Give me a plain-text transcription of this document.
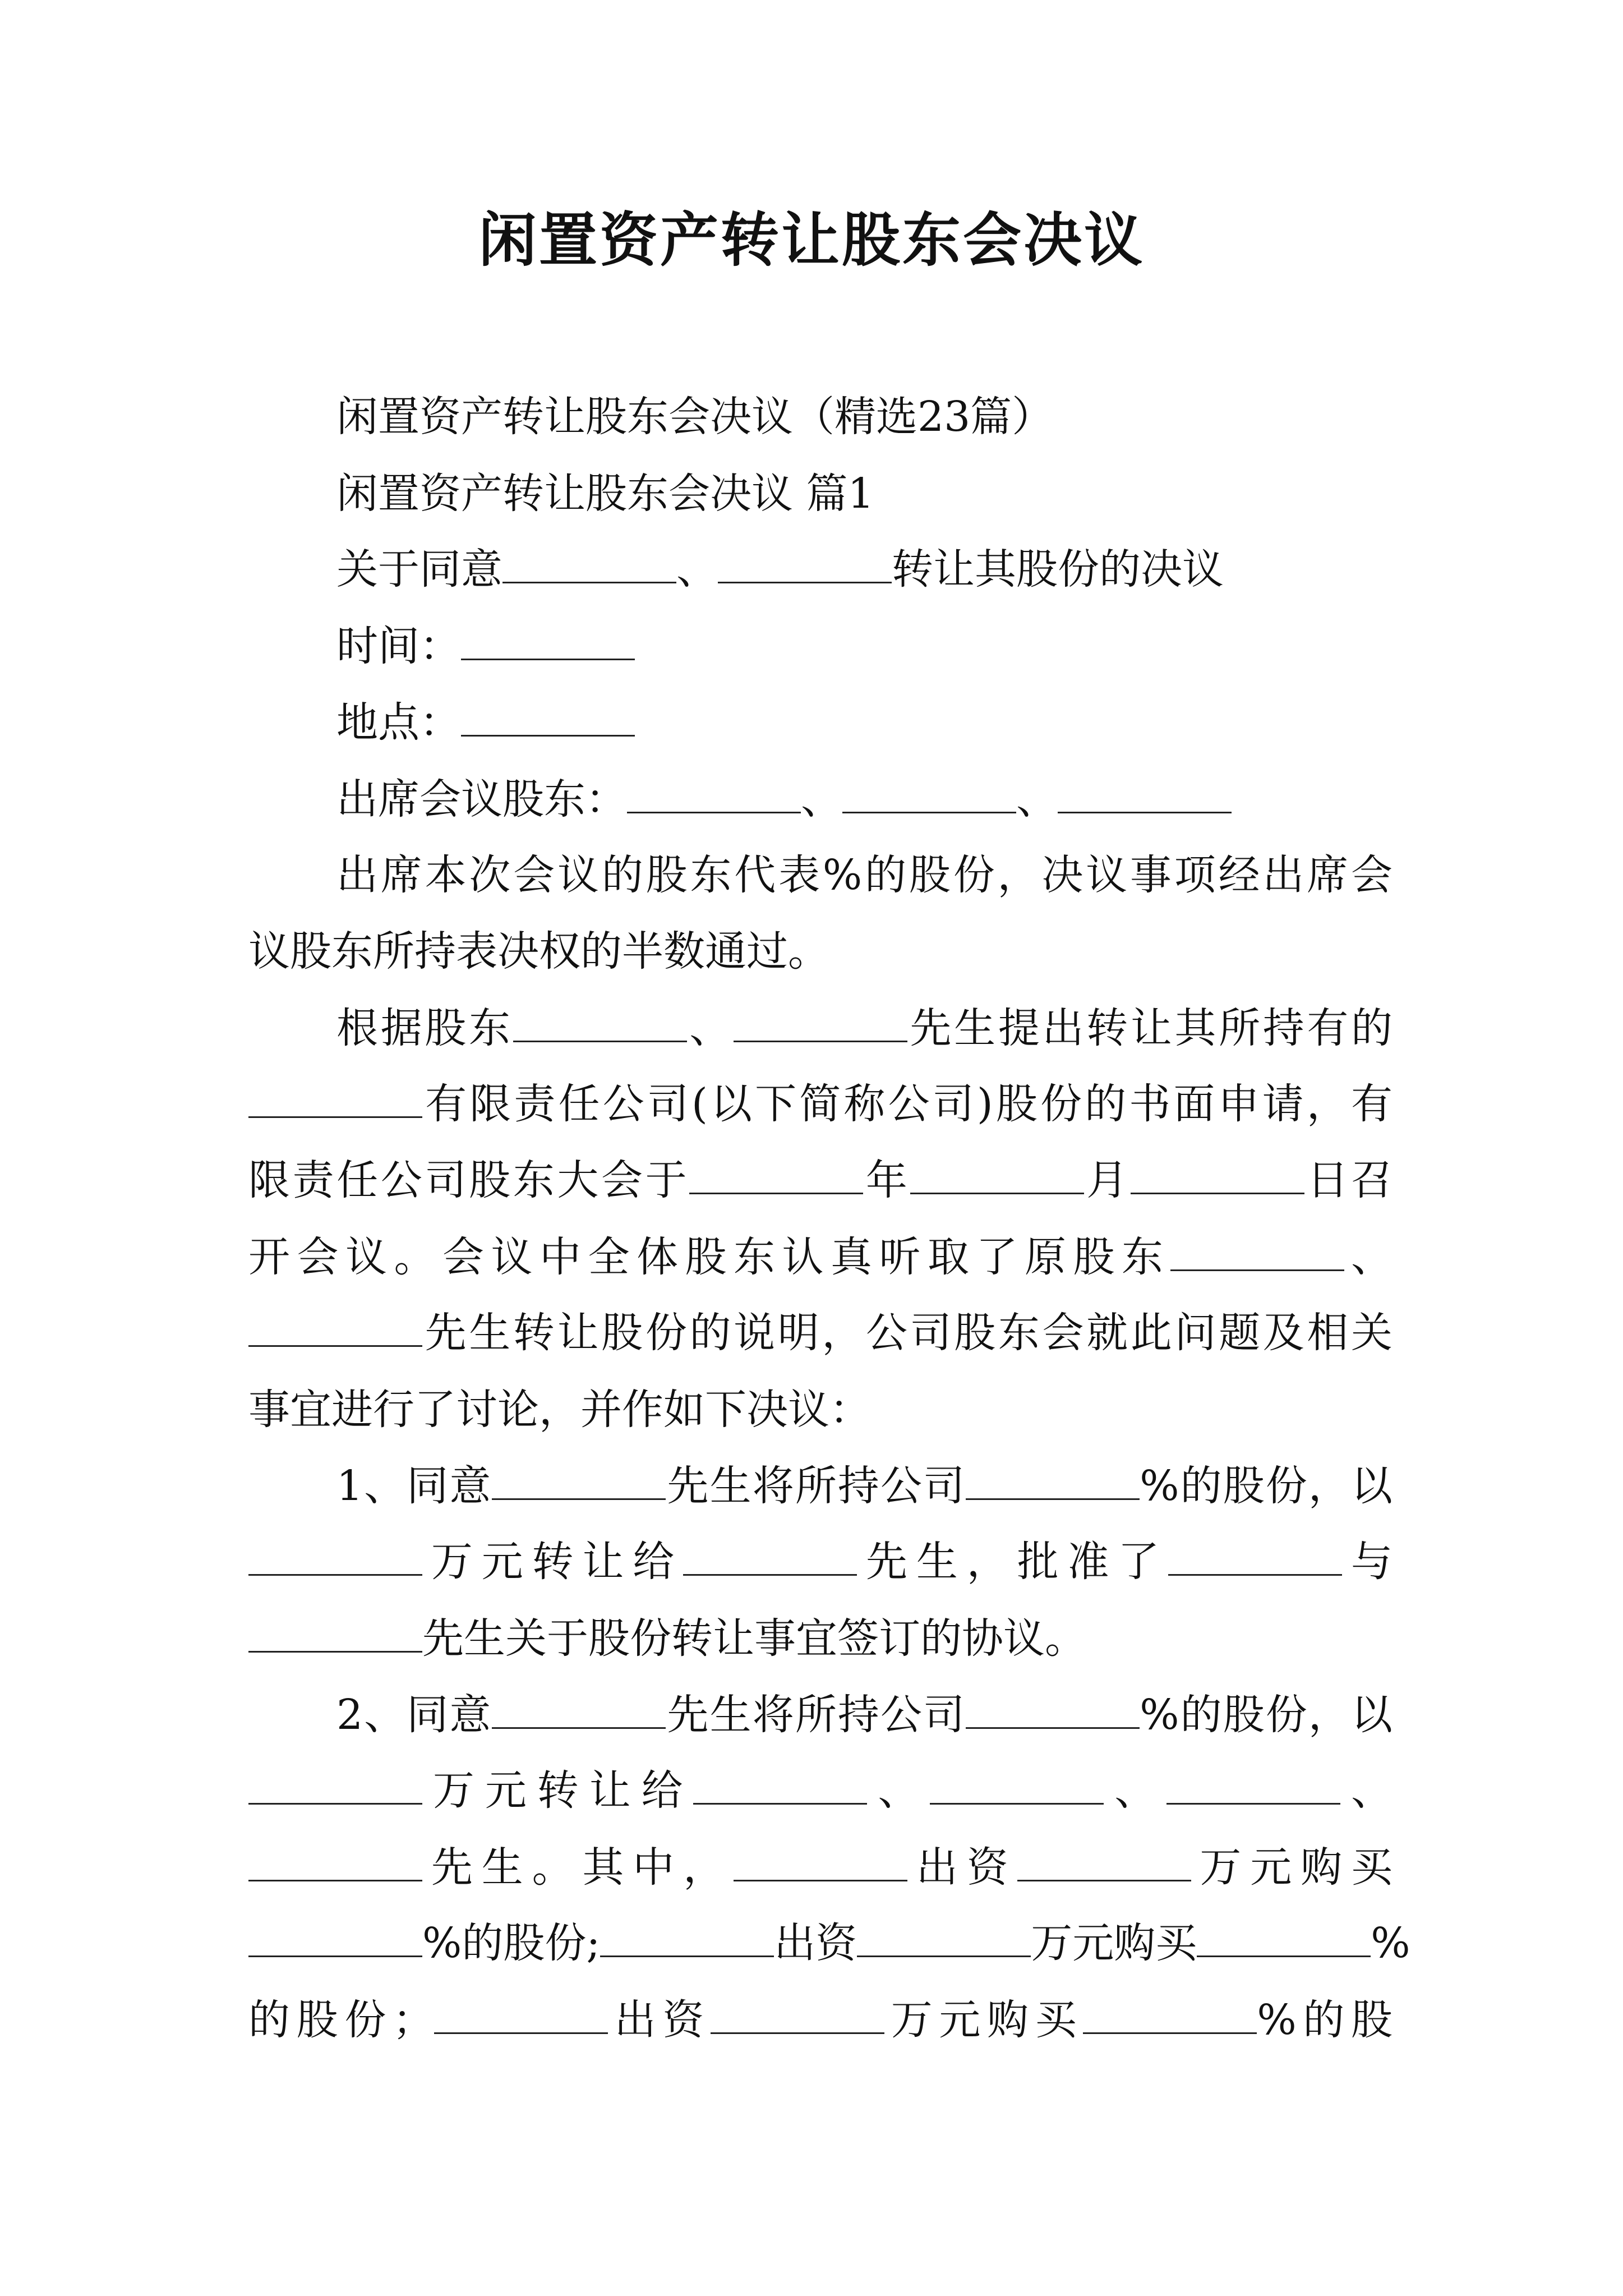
闲置资产转让股东会决议
闲置资产转让股东会决议（精选23篇）
闲置资产转让股东会决议 篇1
关于同意	、	转让其股份的决议
时间：
地点：
出席会议股东：	、	、
出席本次会议的股东代表%的股份，决议事项经出席会
议股东所持表决权的半数通过。
根据股东	、	先生提出转让其所持有的
有限责任公司(以下简称公司)股份的书面申请，有
限责任公司股东大会于	年	月	日召
开会议。会议中全体股东认真听取了原股东	、
先生转让股份的说明，公司股东会就此问题及相关
事宜进行了讨论，并作如下决议：
1、同意	先生将所持公司	%的股份，以
万元转让给	先生，批准了	与
先生关于股份转让事宜签订的协议。
2、同意	先生将所持公司	%的股份，以
万元转让给	、	、	、
先生。其中，	出资	万元购买
%的股份;	出资	万元购买	%
的股份；	出资	万元购买	%的股
